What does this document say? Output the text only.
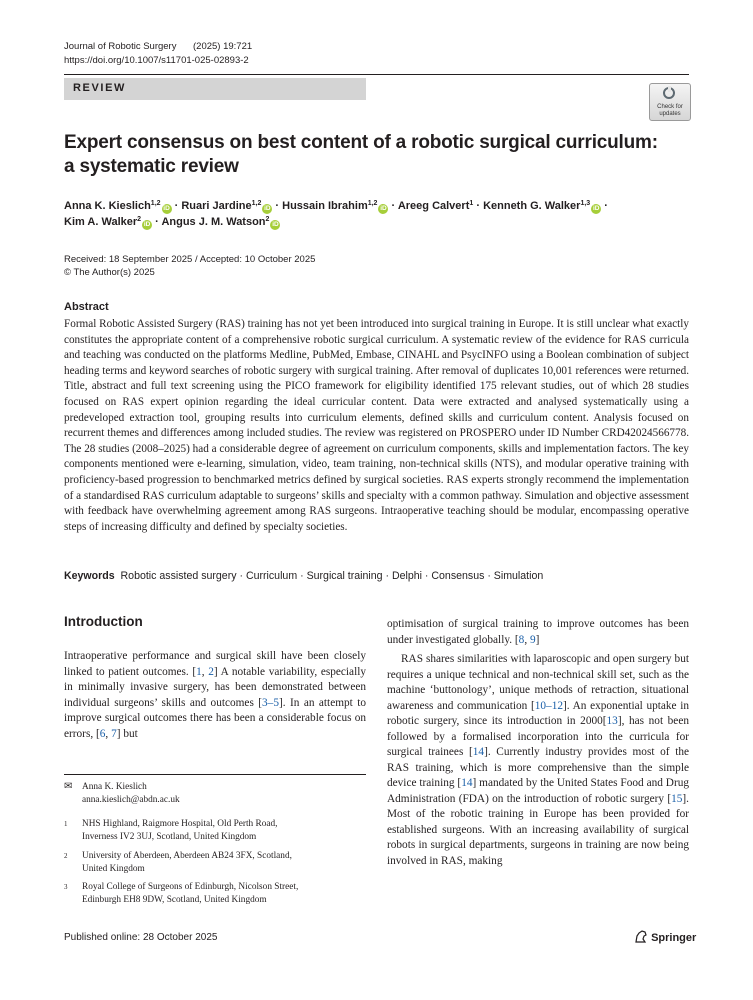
Journal of Robotic Surgery (2025) 19:721
https://doi.org/10.1007/s11701-025-02893-2
REVIEW
Check for
updates
Expert consensus on best content of a robotic surgical curriculum:
a systematic review
Anna K. Kieslich$^{1,2}$iD · Ruari Jardine$^{1,2}$iD · Hussain Ibrahim$^{1,2}$iD · Areeg Calvert$^1$ · Kenneth G. Walker$^{1,3}$iD ·
Kim A. Walker$^2$iD · Angus J. M. Watson$^2$iD
Received: 18 September 2025 / Accepted: 10 October 2025
© The Author(s) 2025
Abstract
Formal Robotic Assisted Surgery (RAS) training has not yet been introduced into surgical training in Europe. It is still unclear what exactly constitutes the appropriate content of a comprehensive robotic surgical curriculum. A systematic review of the evidence for RAS curricula and teaching was conducted on the platforms Medline, PubMed, Embase, CINAHL and PsycINFO using a Boolean combination of subject heading terms and keyword searches of robotic surgery with surgical training. After removal of duplicates 10,001 references were returned. Title, abstract and full text screening using the PICO framework for eligibility identified 175 relevant studies, out of which 28 studies focused on RAS expert opinion regarding the ideal curricular content. Data were extracted and analysed systematically using a predeveloped extraction tool, grouping results into curriculum elements, defined skills and curriculum content. Analysis focused on recurrent themes and differences among included studies. The review was registered on PROSPERO under ID Number CRD42024566778. The 28 studies (2008–2025) had a considerable degree of agreement on curriculum components, skills and implementation factors. The key components mentioned were e-learning, simulation, video, team training, non-technical skills (NTS), and modular operative training with proficiency-based progression to benchmarked metrics defined by surgical societies. RAS experts strongly recommend the implementation of a standardised RAS curriculum adaptable to surgeons’ skills and specialty with a common pathway. Simulation and objective assessment with feedback have overwhelming agreement among RAS surgeons. Intraoperative teaching should be modular, encompassing operative steps of increasing difficulty and defined by specialty societies.
Keywords Robotic assisted surgery · Curriculum · Surgical training · Delphi · Consensus · Simulation
Introduction

Intraoperative performance and surgical skill have been closely linked to patient outcomes. [1, 2] A notable variability, especially in minimally invasive surgery, has been demonstrated between individual surgeons’ skills and outcomes [3–5]. In an attempt to improve surgical outcomes there has been a considerable focus on errors, [6, 7] but

optimisation of surgical training to improve outcomes has been under investigated globally. [8, 9]

RAS shares similarities with laparoscopic and open surgery but requires a unique technical and non-technical skill set, such as the machine ‘buttonology’, unique methods of retraction, situational awareness and communication [10–12]. An exponential uptake in robotic surgery, since its introduction in 2000[13], has not been followed by a formalised incorporation into the curricula for surgical trainees [14]. Currently industry provides most of the RAS training, which is more comprehensive than the simple device training [14] mandated by the United States Food and Drug Administration (FDA) on the introduction of robotic surgery [15]. Most of the robotic training in Europe has been provided for established surgeons. With an increasing availability of surgical robots in surgical departments, surgeons in training are now being involved in RAS, making

✉ Anna K. Kieslich
anna.kieslich@abdn.ac.uk
1 NHS Highland, Raigmore Hospital, Old Perth Road,
Inverness IV2 3UJ, Scotland, United Kingdom
2 University of Aberdeen, Aberdeen AB24 3FX, Scotland,
United Kingdom
3 Royal College of Surgeons of Edinburgh, Nicolson Street,
Edinburgh EH8 9DW, Scotland, United Kingdom
Published online: 28 October 2025	Springer
